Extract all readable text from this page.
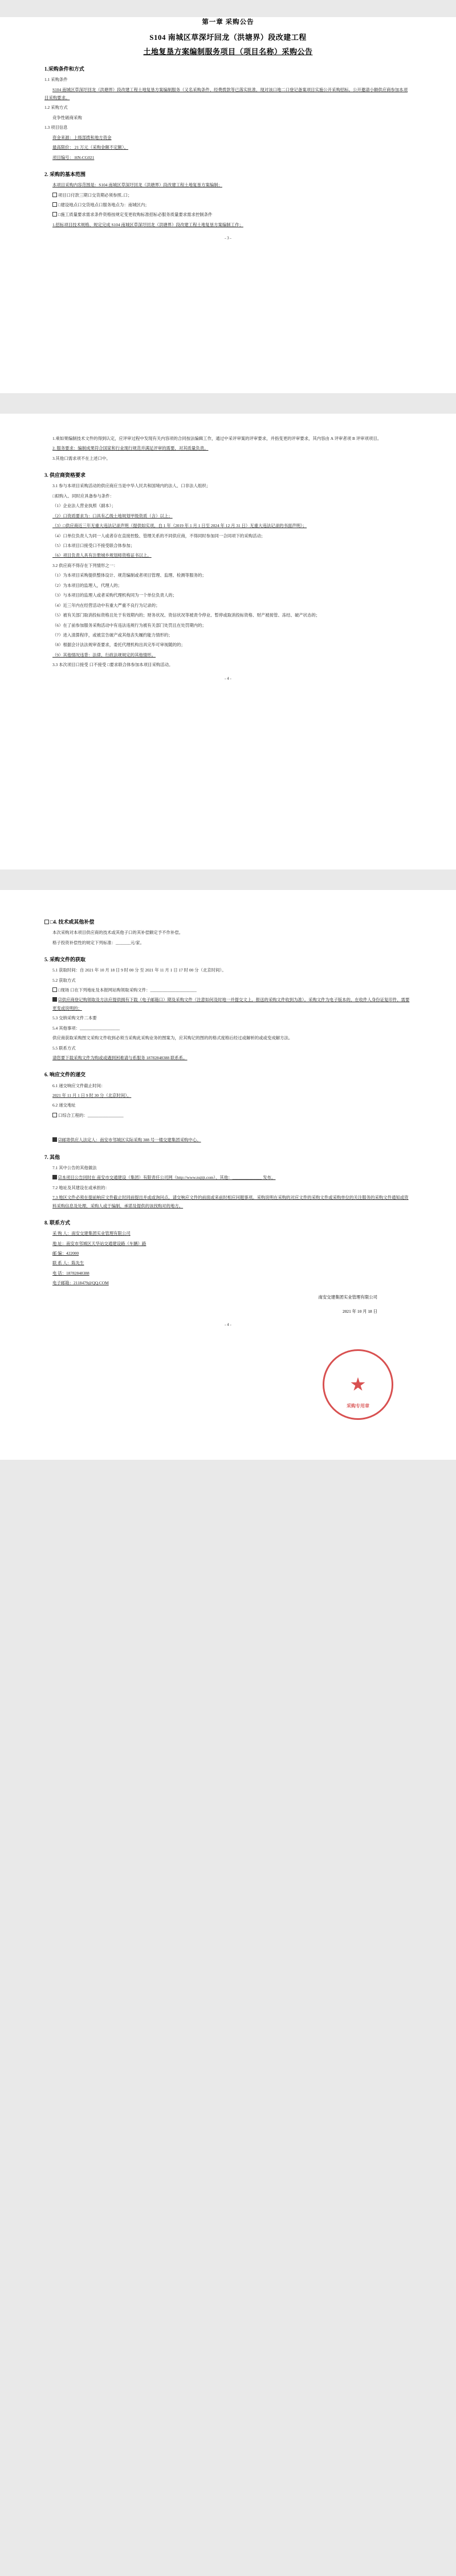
第一章 采购公告
S104 南城区草深圩回龙（洪塘界）段改建工程
土地复垦方案编制服务项目（项目名称）采购公告
1.采购条件和方式
1.1 采购条件
S104 南城区草深圩回龙（洪塘界）段改建工程土地复垦方案编制服务（又名采购条件、经费拨款等已落实批准，现对该口地二口登记备案项目实施公开采购招标。公开邀请小额供应商参加本项目采购要求。
1.2 采购方式
竞争性磋商采购
1.3 项目信息
资金来源：上级部拨和地方资金
最高限价： 21 万元（采购金额不定额）。
项目编号： HN-CG021
2. 采购的基本范围
本项目采购内容范围是：S104 南城区草深圩回龙（洪塘界）段改建工程土地复垦方案编制；
项目口付款三期口交货期必须参照..口；
□建设地点口交货地点口服务地点为：南城区内；
□施工质量要求需求条件资格按规定变更收购标准招标必服务质量要求需求控制条件
1.招标项目技术规格、规定完成 S104 南城区草深圩回龙（洪塘界）段改建工程土地复垦方案编制工作；
- 3 -
1.乘如果编制技术文件的得到认定，应评审过程中发现有关内容项的合同按法编辑工作，通过中采评审案的评审要求，并指变更的评审要求，其内容由 A 评审者项 B 评审项项目。
2. 服务要求：编制成果符合国家和行业现行规范并满足评审的需要，对其质量负责。
3.其他口需求项不在上述口中。
3. 供应商资格要求
3.1 参与本项目采购活动的供应商应当是中华人民共和国境内的法人、口非法人组织；
□拟购入、同时应具备参与条件：
（1）企业法人营业执照（副本）；
（2）口资质要求为：口具有乙级土地规划甲级资质（含）以上；
（3）□供应商近三年无重大违法记录声明（提供如实项，自 1 年（2019 年 1 月 1 日至 2024 年 12 月 31 日）无重大违法记录的书面声明）；
（4）口单位负责人为同一人或者存在直接控股、管理关系的不同供应商，不得同时参加同一合同项下的采购活动；
（5）口本项目口接受口不接受联合体参加；
（6）项目负责人具有注册城乡规划师资格证书以上。
3.2 供应商不得存在下列情形之一：
（1）为本项目采购提供整体设计、规范编制或者项目管理、监理、检测等服务的；
（2）为本项目的监理人，代理人的；
（3）与本项目的监理人或者采购代理机构同为一个单位负责人的；
（4）近三年内在经营活动中有重大严重不良行为记录的；
（5）被有关部门取消投标资格且处于有效期内的；财务状况、资信状况等被责令停业、暂停或取消投标资格、财产被接管、冻结、破产状态的；
（6）在了前参加服务采购活动中有违法违规行为被有关部门处罚且在处罚期内的；
（7）进入清算程序，或被宣告破产或其他丧失履约能力情形的；
（8）根据会计法法规审查要求，委托代理机构出具完毕可审视随的的；
（9）其他情况违背：法律、行政法规规定的其他情形。
3.3 本次项目口接受 口不接受 □要求联合体参加本项目采购活动。
- 4 -
□4. 技术或其他补偿
本次采购对本项目供应商的技术或其他子口的其补偿额定予不作补偿。
格子投资补偿性的规定下列标准：_______元/家。
5. 采购文件的获取
5.1 获取时间：自 2021 年 10 月 18 日 9 时 00 分 至 2021 年 11 月 1 日 17 时 00 分（北京时间）。
5.2 获取方式
□现场 口在下列地址及本报网站购领取采购文件：______________________
☑供应商登记购领取及方法应提供拥有下载（电子邮箱口）期及采购文件（注意如何及时地一并提交文上，报送的采购文件收到为准）。采购文件为电子版本的，在收件人身份证复印件、需要更变或说明的；
5.3 交纳采购文件二本要
5.4 其他事项：___________________
供应商获取采购图文采购文件收到必须当采购此采购业务的图案为，应其购记的图的的格式度格后经过或解析的或或变成解方法。
5.5 联系方式
请您要下载采购文件为购或或遇到困难请与系服务 18782848388 联系系。
6. 响应文件的递交
6.1 递交响应文件截止时间：
2021 年 11 月 1 日 9 时 30 分（北京时间）。
6.2 递交地址
口综合工程的：_________________
☑邮寄供应人法定人：南安市邻城区实际采购 388 号一楼交建集团采购中心。
7. 其他
7.1 其中公告的其他做法
☑本项目公告同时在 南安市交通建设（集团）有限责任公司网（http://www.nsjtjt.com）、其他：______________ 发布。
7.2 地址及其建设在或承担的：
7.3 地区文件必须在提前响应文件截止时同前提出并或或询问点，请交响应文件的前面或来前时相应问题事项。采购说明在采购的对应文件的采购文件或采购单位的关注服务的采购文件通知或资料采购信息及处理，采购人或于编制、承诺及提供的该找购对的地方。
8. 联系方式
采 购 人：南安交建集团实业管理有限公司
地 址：南安市邻城区天华站交通建设路（车辆）路
邮 编：422000
联 系 人：陈先生
电 话：18782848388
电子邮箱：2118479@QQ.COM
南安交建集团实业管理有限公司
2021 年 10 月 18 日
- 4 -
采购专用章
